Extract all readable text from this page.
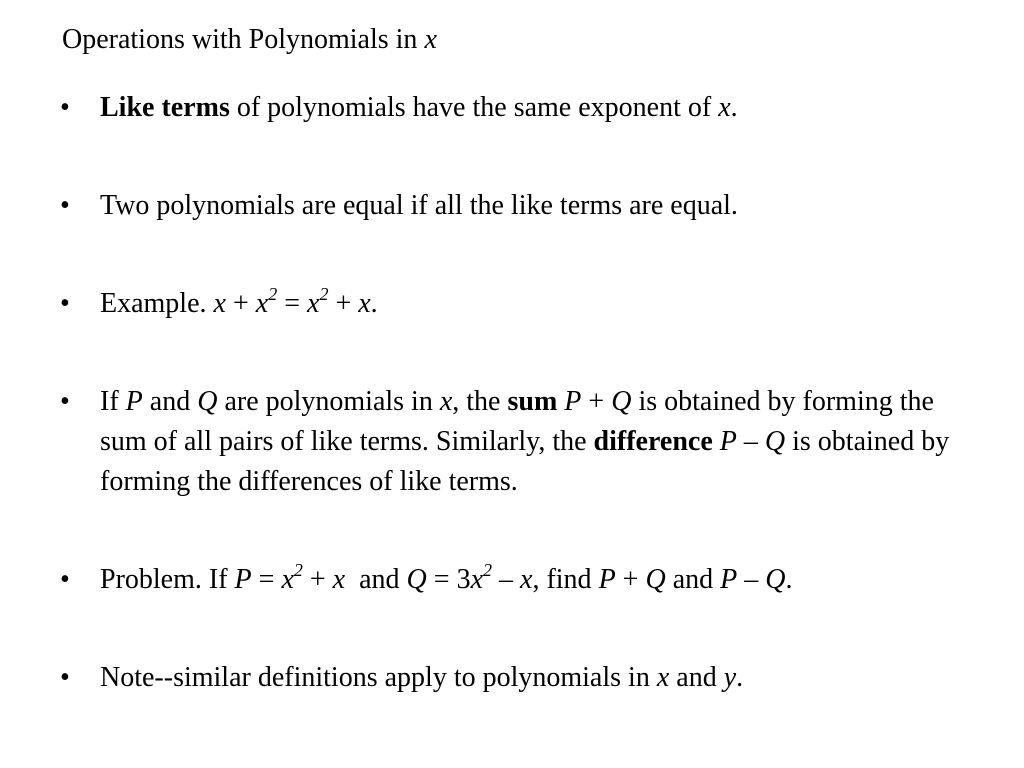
Operations with Polynomials in x
•	Like terms of polynomials have the same exponent of x.
•	Two polynomials are equal if all the like terms are equal.
•	Example. $x + x^2 = x^2 + x$.
•	If P and Q are polynomials in x, the sum P + Q is obtained by forming the sum of all pairs of like terms. Similarly, the difference P – Q is obtained by forming the differences of like terms.
•	Problem. If $P = x^2 + x$  and $Q = 3x^2 - x$, find P + Q and P – Q.
•	Note--similar definitions apply to polynomials in x and y.
